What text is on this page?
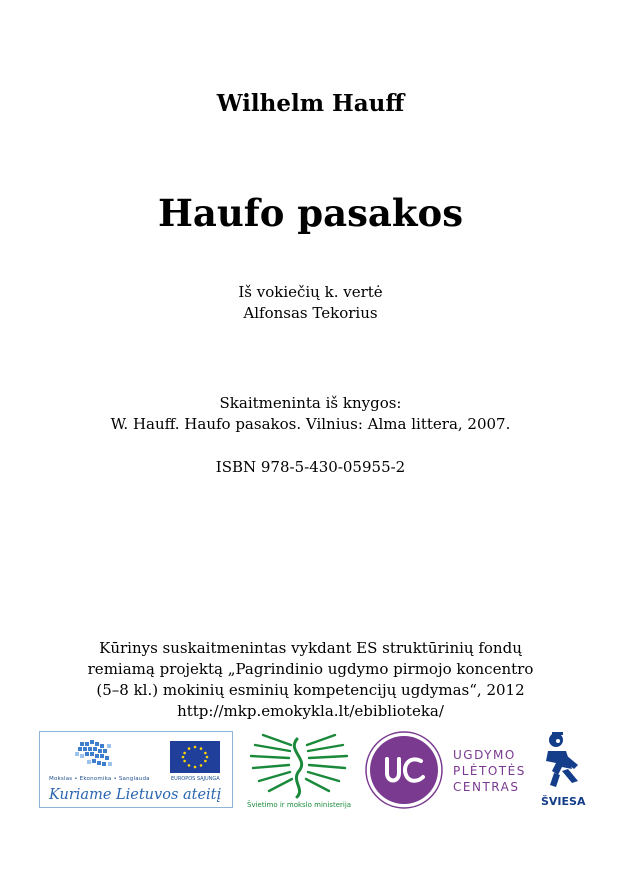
Wilhelm Hauff
Haufo pasakos
Iš vokiečių k. vertė
Alfonsas Tekorius
Skaitmeninta iš knygos:
W. Hauff. Haufo pasakos. Vilnius: Alma littera, 2007.
ISBN 978-5-430-05955-2
Kūrinys suskaitmenintas vykdant ES struktūrinių fondų
remiamą projektą „Pagrindinio ugdymo pirmojo koncentro
(5–8 kl.) mokinių esminių kompetencijų ugdymas“, 2012
http://mkp.emokykla.lt/ebiblioteka/
Mokslas • Ekonomika • Sanglauda	EUROPOS SĄJUNGA
Kuriame Lietuvos ateitį
Švietimo ir mokslo ministerija
UGDYMO
PLĖTOTĖS
CENTRAS
ŠVIESA
